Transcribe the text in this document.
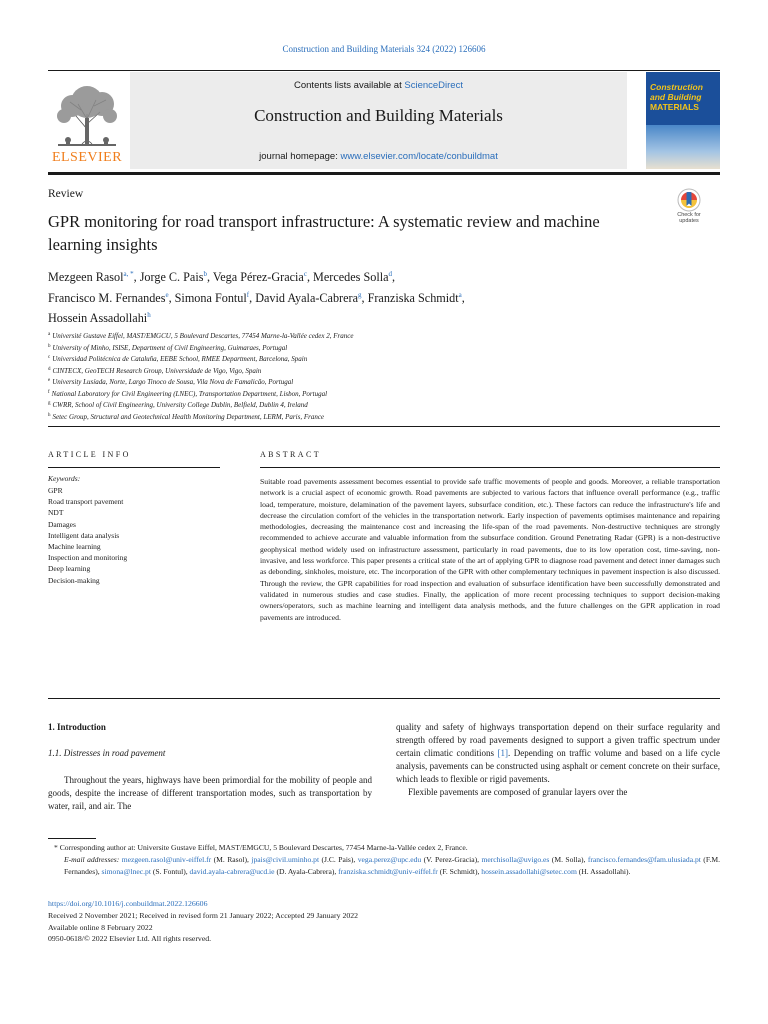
Construction and Building Materials 324 (2022) 126606
ELSEVIER
Contents lists available at ScienceDirect
Construction and Building Materials
journal homepage: www.elsevier.com/locate/conbuildmat
Construction
and Building
MATERIALS
Review
GPR monitoring for road transport infrastructure: A systematic review and machine learning insights
Check for updates
Mezgeen Rasol$^{a, *}$, Jorge C. Pais$^b$, Vega Pérez-Gracia$^c$, Mercedes Solla$^d$,
Francisco M. Fernandes$^e$, Simona Fontul$^f$, David Ayala-Cabrera$^g$, Franziska Schmidt$^a$,
Hossein Assadollahi$^h$
$^a$ Université Gustave Eiffel, MAST/EMGCU, 5 Boulevard Descartes, 77454 Marne-la-Vallée cedex 2, France
$^b$ University of Minho, ISISE, Department of Civil Engineering, Guimaraes, Portugal
$^c$ Universidad Politécnica de Cataluña, EEBE School, RMEE Department, Barcelona, Spain
$^d$ CINTECX, GeoTECH Research Group, Universidade de Vigo, Vigo, Spain
$^e$ University Lusíada, Norte, Largo Tinoco de Sousa, Vila Nova de Famalicão, Portugal
$^f$ National Laboratory for Civil Engineering (LNEC), Transportation Department, Lisbon, Portugal
$^g$ CWRR, School of Civil Engineering, University College Dublin, Belfield, Dublin 4, Ireland
$^h$ Setec Group, Structural and Geotechnical Health Monitoring Department, LERM, Paris, France
ARTICLE INFO	ABSTRACT
Keywords:
GPR
Road transport pavement
NDT
Damages
Intelligent data analysis
Machine learning
Inspection and monitoring
Deep learning
Decision-making
Suitable road pavements assessment becomes essential to provide safe traffic movements of people and goods. Moreover, a reliable transportation network is a crucial aspect of economic growth. Road pavements are subjected to various factors that influence overall performance (e.g., traffic load, temperature, moisture, delamination of the pavement layers, subsurface condition, etc.). These factors can reduce the infrastructure's life and decrease the circulation comfort of the vehicles in the transportation network. Early inspection of pavements optimises maintenance and repairing methodologies, decreasing the maintenance cost and increasing the life-span of the road pavements. Non-destructive techniques are strongly recommended to achieve accurate and valuable information from the subsurface condition. Ground Penetrating Radar (GPR) is a non-destructive geophysical method widely used on infrastructure assessment, particularly in road pavements, due to its low operation cost, time-saving, non-invasive, and less workforce. This paper presents a critical state of the art of applying GPR to diagnose road pavement and detect inner damages such as debonding, sinkholes, moisture, etc. The incorporation of the GPR with other complementary techniques in pavement inspection is also discussed. Through the review, the GPR capabilities for road inspection and evaluation of subsurface identification have been successfully demonstrated and validated in numerous studies and case studies. Finally, the application of more recent processing techniques to support decision-making owners/operators, such as machine learning and intelligent data analysis methods, and the future challenges on the GPR application in road pavements are introduced.
1. Introduction
1.1. Distresses in road pavement
Throughout the years, highways have been primordial for the mobility of people and goods, despite the increase of different transportation modes, such as transportation by water, rail, and air. The

quality and safety of highways transportation depend on their surface regularity and strength offered by road pavements designed to support a given traffic spectrum under certain climatic conditions [1]. Depending on traffic volume and based on a life cycle analysis, pavements can be constructed using asphalt or cement concrete on their surface, which leads to flexible or rigid pavements.

Flexible pavements are composed of granular layers over the

* Corresponding author at: Universite Gustave Eiffel, MAST/EMGCU, 5 Boulevard Descartes, 77454 Marne-la-Vallée cedex 2, France.
E-mail addresses: mezgeen.rasol@univ-eiffel.fr (M. Rasol), jpais@civil.uminho.pt (J.C. Pais), vega.perez@upc.edu (V. Perez-Gracia), merchisolla@uvigo.es (M. Solla), francisco.fernandes@fam.ulusiada.pt (F.M. Fernandes), simona@lnec.pt (S. Fontul), david.ayala-cabrera@ucd.ie (D. Ayala-Cabrera), franziska.schmidt@univ-eiffel.fr (F. Schmidt), hossein.assadollahi@setec.com (H. Assadollahi).
https://doi.org/10.1016/j.conbuildmat.2022.126606
Received 2 November 2021; Received in revised form 21 January 2022; Accepted 29 January 2022
Available online 8 February 2022
0950-0618/© 2022 Elsevier Ltd. All rights reserved.
